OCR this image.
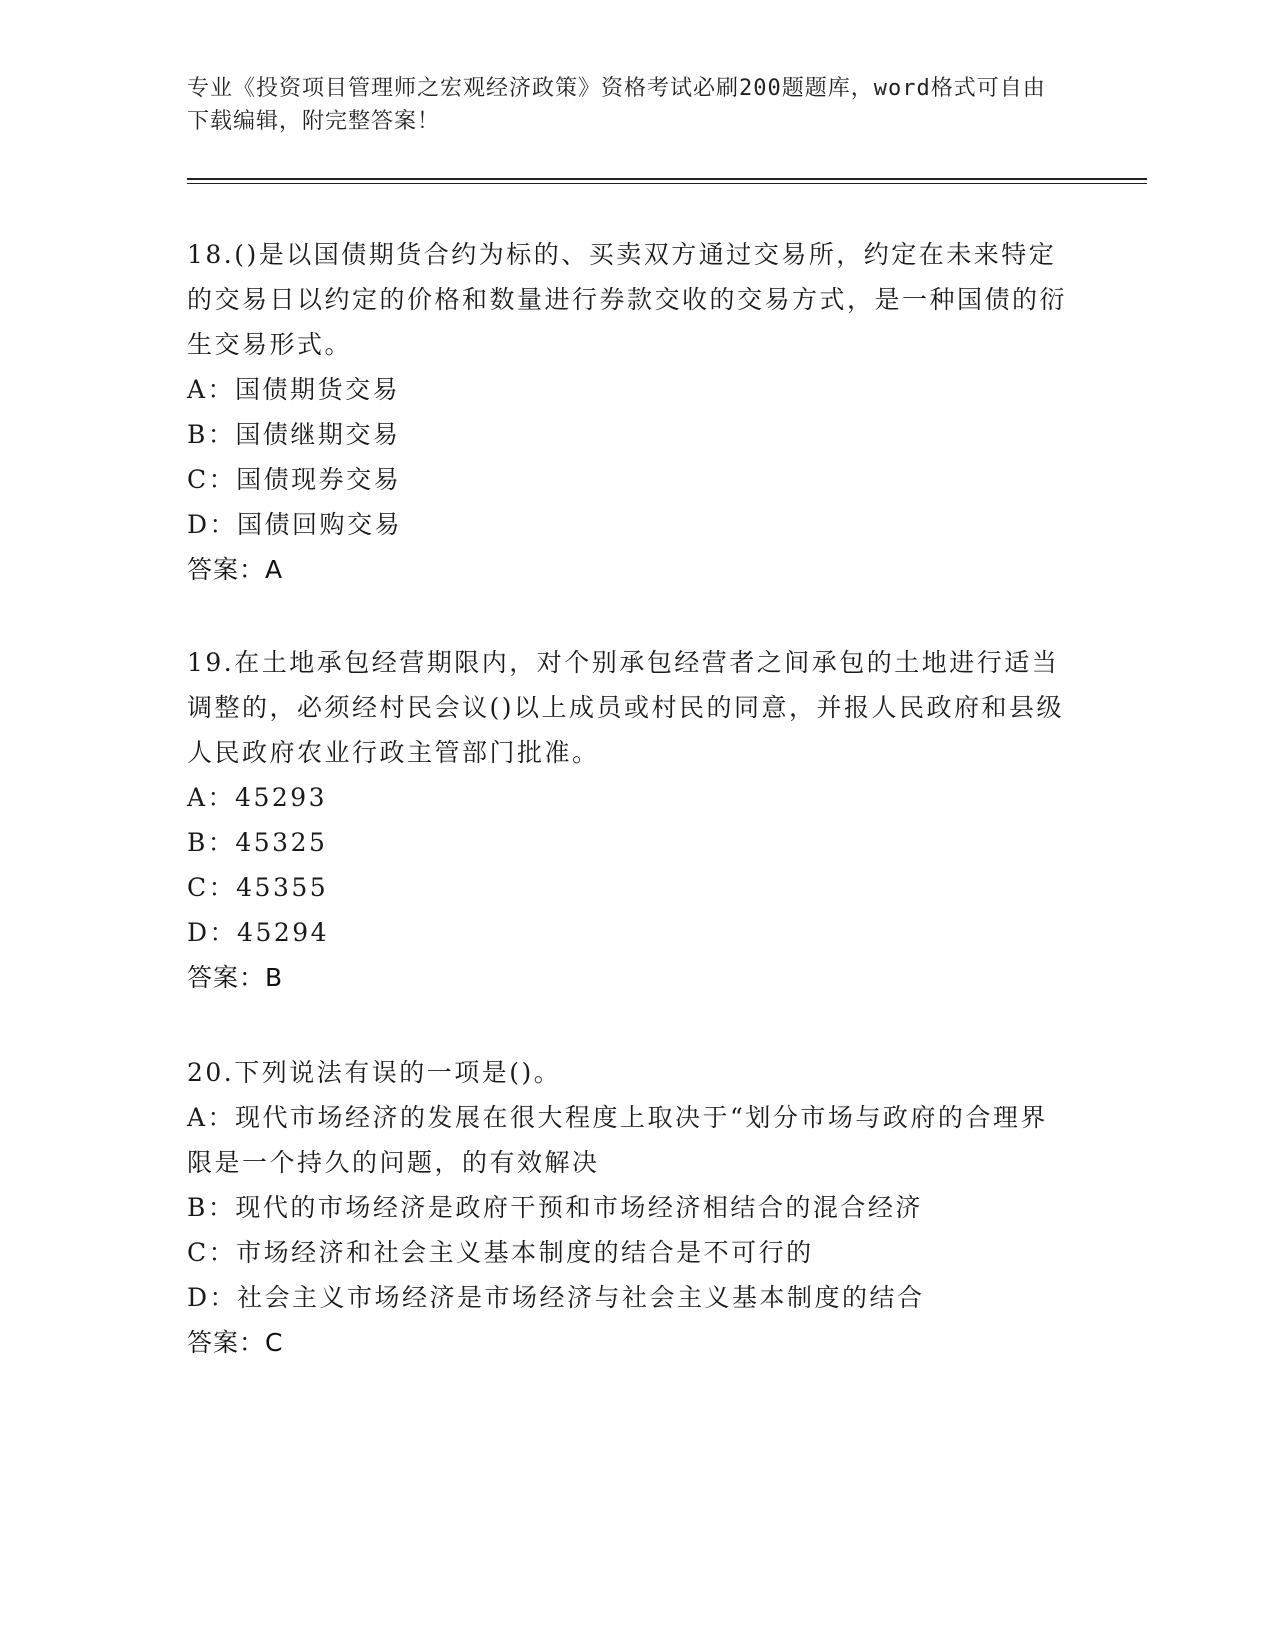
专业《投资项目管理师之宏观经济政策》资格考试必刷200题题库，word格式可自由下载编辑，附完整答案！

18.()是以国债期货合约为标的、买卖双方通过交易所，约定在未来特定的交易日以约定的价格和数量进行券款交收的交易方式，是一种国债的衍生交易形式。

A：国债期货交易

B：国债继期交易

C：国债现券交易

D：国债回购交易

答案：A

19.在土地承包经营期限内，对个别承包经营者之间承包的土地进行适当调整的，必须经村民会议()以上成员或村民的同意，并报人民政府和县级人民政府农业行政主管部门批准。

A：45293

B：45325

C：45355

D：45294

答案：B

20.下列说法有误的一项是()。

A：现代市场经济的发展在很大程度上取决于“划分市场与政府的合理界限是一个持久的问题，的有效解决

B：现代的市场经济是政府干预和市场经济相结合的混合经济

C：市场经济和社会主义基本制度的结合是不可行的

D：社会主义市场经济是市场经济与社会主义基本制度的结合

答案：C
